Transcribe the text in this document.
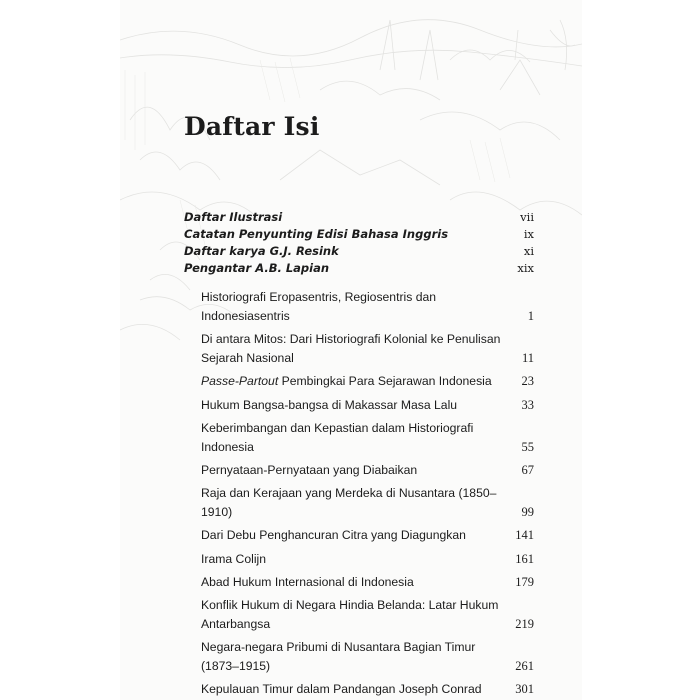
Daftar Isi
Daftar Ilustrasi	vii
Catatan Penyunting Edisi Bahasa Inggris	ix
Daftar karya G.J. Resink	xi
Pengantar A.B. Lapian	xix
Historiografi Eropasentris, Regiosentris dan Indonesiasentris	1
Di antara Mitos: Dari Historiografi Kolonial ke Penulisan Sejarah Nasional	11
Passe-Partout Pembingkai Para Sejarawan Indonesia	23
Hukum Bangsa-bangsa di Makassar Masa Lalu	33
Keberimbangan dan Kepastian dalam Historiografi Indonesia	55
Pernyataan-Pernyataan yang Diabaikan	67
Raja dan Kerajaan yang Merdeka di Nusantara (1850–1910)	99
Dari Debu Penghancuran Citra yang Diagungkan	141
Irama Colijn	161
Abad Hukum Internasional di Indonesia	179
Konflik Hukum di Negara Hindia Belanda: Latar Hukum Antarbangsa	219
Negara-negara Pribumi di Nusantara Bagian Timur (1873–1915)	261
Kepulauan Timur dalam Pandangan Joseph Conrad	301
